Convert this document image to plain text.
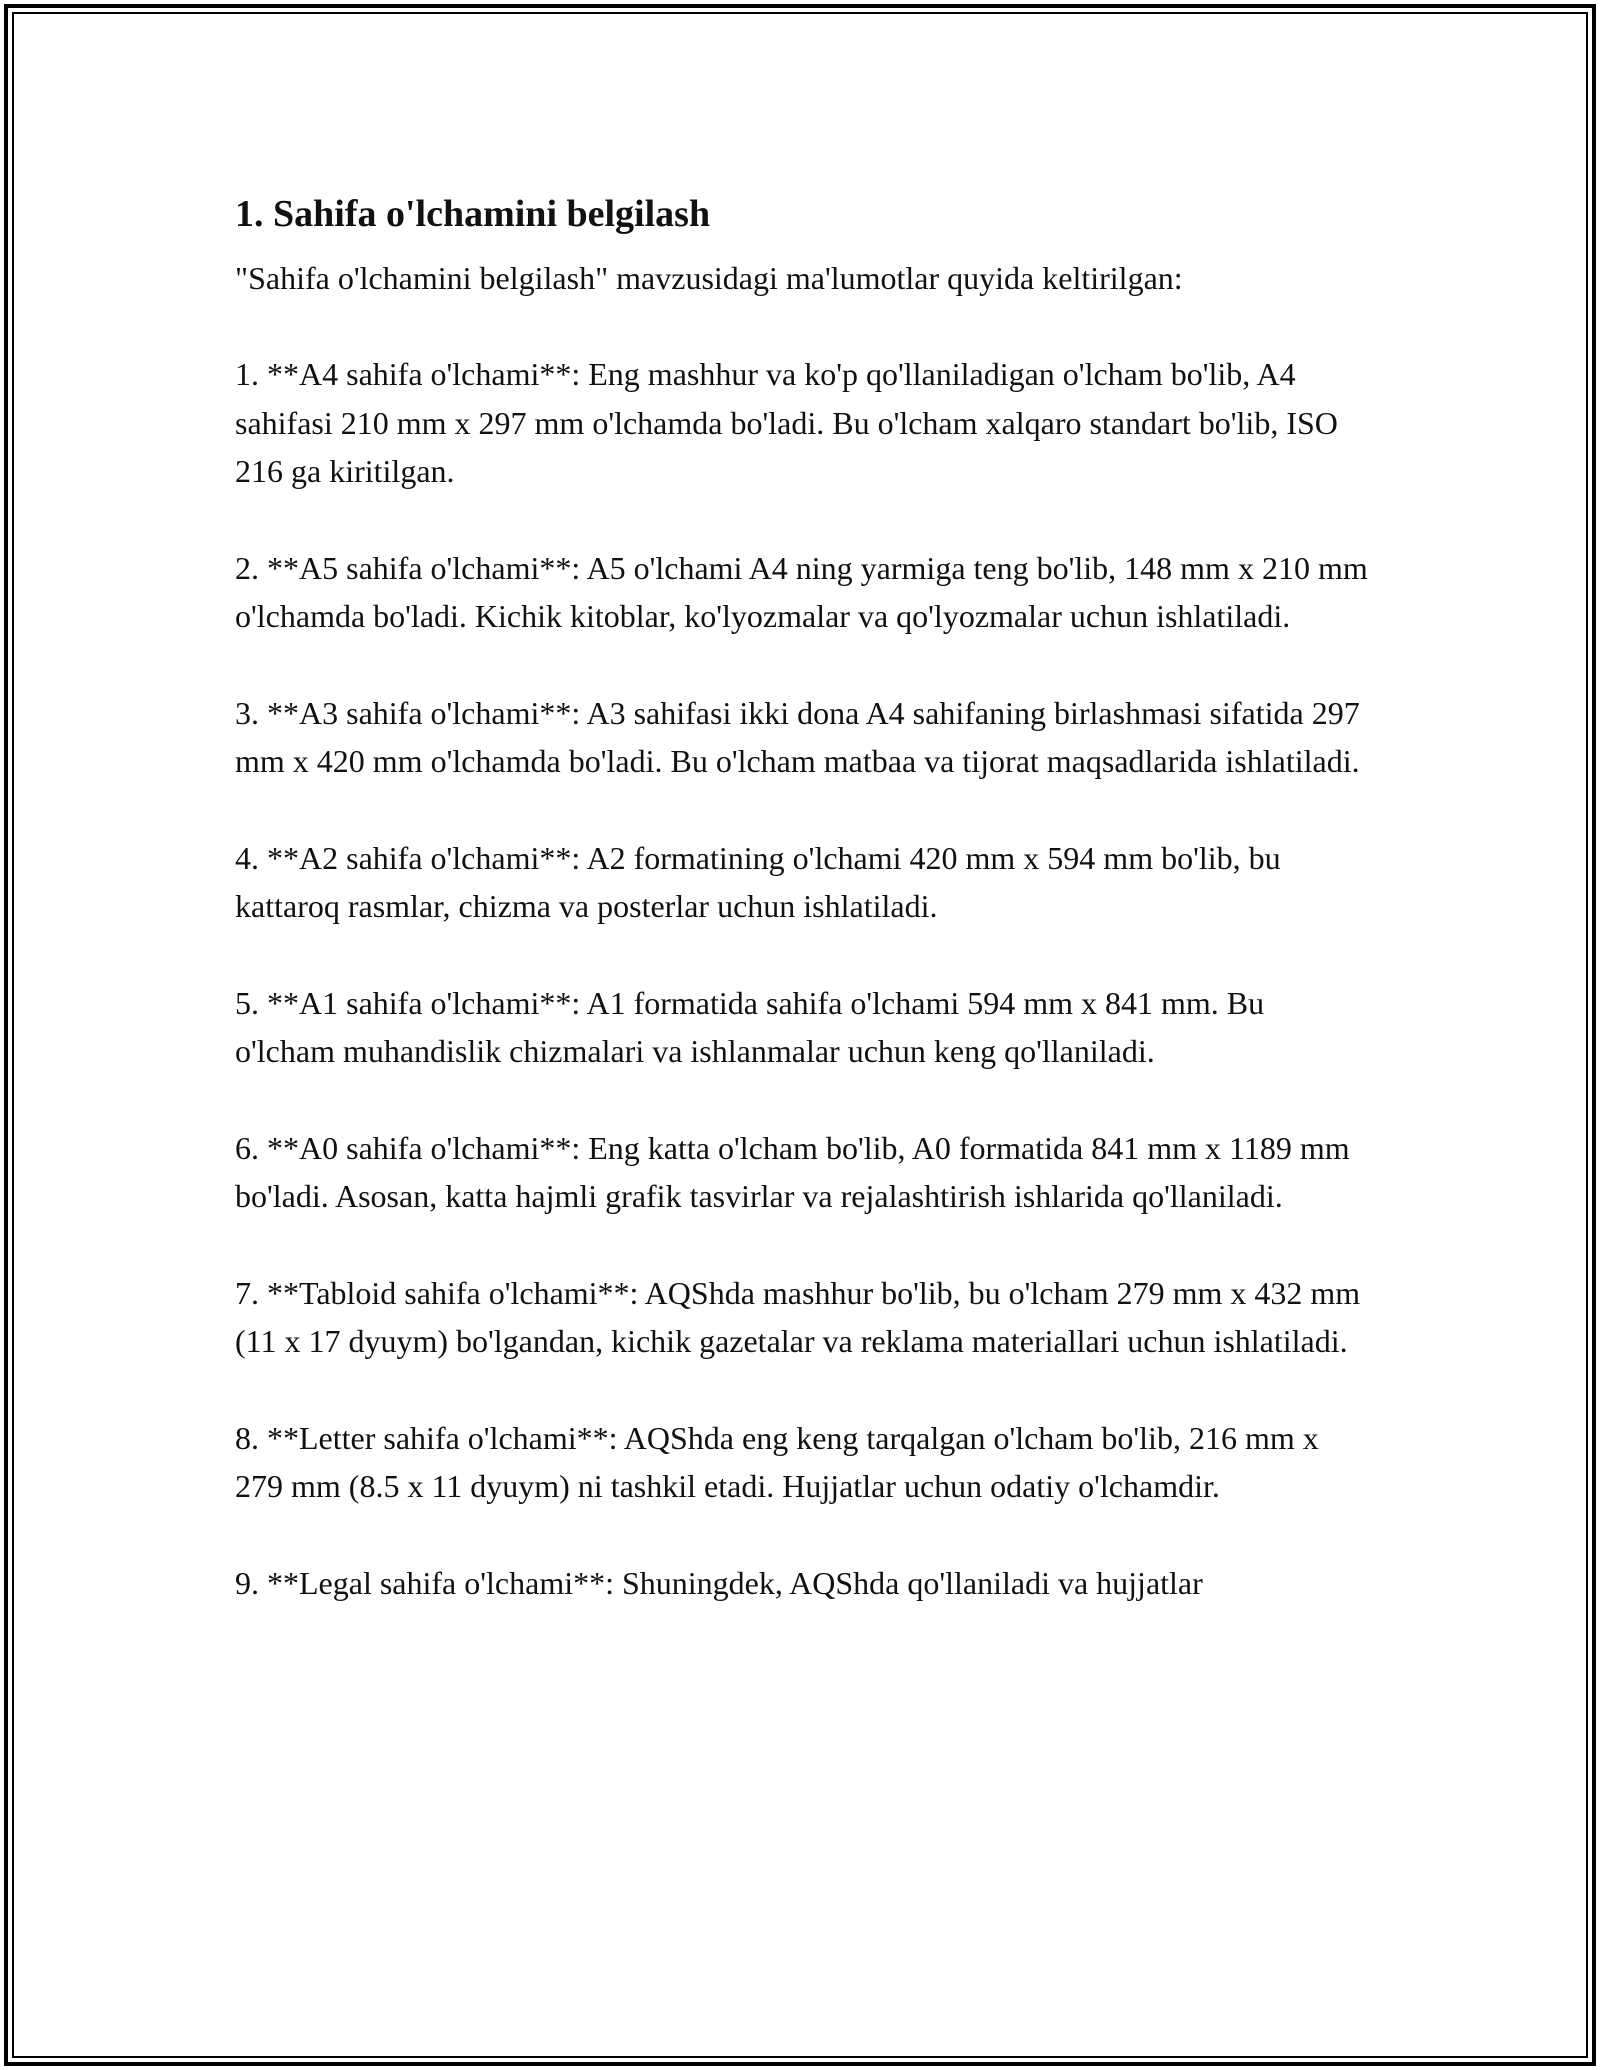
1. Sahifa o'lchamini belgilash

"Sahifa o'lchamini belgilash" mavzusidagi ma'lumotlar quyida keltirilgan:

1. **A4 sahifa o'lchami**: Eng mashhur va ko'p qo'llaniladigan o'lcham bo'lib, A4 sahifasi 210 mm x 297 mm o'lchamda bo'ladi. Bu o'lcham xalqaro standart bo'lib, ISO 216 ga kiritilgan.

2. **A5 sahifa o'lchami**: A5 o'lchami A4 ning yarmiga teng bo'lib, 148 mm x 210 mm o'lchamda bo'ladi. Kichik kitoblar, ko'lyozmalar va qo'lyozmalar uchun ishlatiladi.

3. **A3 sahifa o'lchami**: A3 sahifasi ikki dona A4 sahifaning birlashmasi sifatida 297 mm x 420 mm o'lchamda bo'ladi. Bu o'lcham matbaa va tijorat maqsadlarida ishlatiladi.

4. **A2 sahifa o'lchami**: A2 formatining o'lchami 420 mm x 594 mm bo'lib, bu kattaroq rasmlar, chizma va posterlar uchun ishlatiladi.

5. **A1 sahifa o'lchami**: A1 formatida sahifa o'lchami 594 mm x 841 mm. Bu o'lcham muhandislik chizmalari va ishlanmalar uchun keng qo'llaniladi.

6. **A0 sahifa o'lchami**: Eng katta o'lcham bo'lib, A0 formatida 841 mm x 1189 mm bo'ladi. Asosan, katta hajmli grafik tasvirlar va rejalashtirish ishlarida qo'llaniladi.

7. **Tabloid sahifa o'lchami**: AQShda mashhur bo'lib, bu o'lcham 279 mm x 432 mm (11 x 17 dyuym) bo'lgandan, kichik gazetalar va reklama materiallari uchun ishlatiladi.

8. **Letter sahifa o'lchami**: AQShda eng keng tarqalgan o'lcham bo'lib, 216 mm x 279 mm (8.5 x 11 dyuym) ni tashkil etadi. Hujjatlar uchun odatiy o'lchamdir.

9. **Legal sahifa o'lchami**: Shuningdek, AQShda qo'llaniladi va hujjatlar
